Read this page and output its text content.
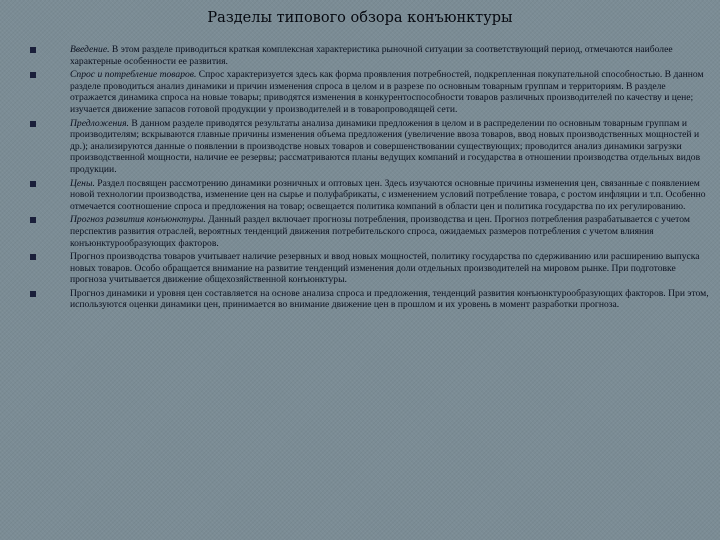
Разделы типового обзора конъюнктуры
Введение. В этом разделе приводиться краткая комплексная характеристика рыночной ситуации за соответствующий период, отмечаются наиболее характерные особенности ее развития.
Спрос и потребление товаров. Спрос характеризуется здесь как форма проявления потребностей, подкрепленная покупательной способностью. В данном разделе проводиться анализ динамики и причин изменения спроса в целом и в разрезе по основным товарным группам и территориям. В разделе отражается динамика спроса на новые товары; приводятся изменения в конкурентоспособности товаров различных производителей по качеству и цене; изучается движение запасов готовой продукции у производителей и в товаропроводящей сети.
Предложения. В данном разделе приводятся результаты анализа динамики предложения в целом и в распределении по основным товарным группам и производителям; вскрываются главные причины изменения объема предложения (увеличение ввоза товаров, ввод новых производственных мощностей и др.); анализируются данные о появлении в производстве новых товаров и совершенствовании существующих; проводится анализ динамики загрузки производственной мощности, наличие ее резервы; рассматриваются планы ведущих компаний и государства в отношении производства отдельных видов продукции.
Цены. Раздел посвящен рассмотрению динамики розничных и оптовых цен. Здесь изучаются основные причины изменения цен, связанные с появлением новой технологии производства, изменение цен на сырье и полуфабрикаты, с изменением условий потребление товара, с ростом инфляции и т.п. Особенно отмечается соотношение спроса и предложения на товар; освещается политика компаний в области цен и политика государства по их регулированию.
Прогноз развития конъюнктуры. Данный раздел включает прогнозы потребления, производства и цен. Прогноз потребления разрабатывается с учетом перспектив развития отраслей, вероятных тенденций движения потребительского спроса, ожидаемых размеров потребления с учетом влияния конъюнктурообразующих факторов.
Прогноз производства товаров учитывает наличие резервных и ввод новых мощностей, политику государства по сдерживанию или расширению выпуска новых товаров. Особо обращается внимание на развитие тенденций изменения доли отдельных производителей на мировом рынке. При подготовке прогноза учитывается движение общехозяйственной конъюнктуры.
Прогноз динамики и уровня цен составляется на основе анализа спроса и предложения, тенденций развития конъюнктурообразующих факторов. При этом, используются оценки динамики цен, принимается во внимание движение цен в прошлом и их уровень в момент разработки прогноза.
